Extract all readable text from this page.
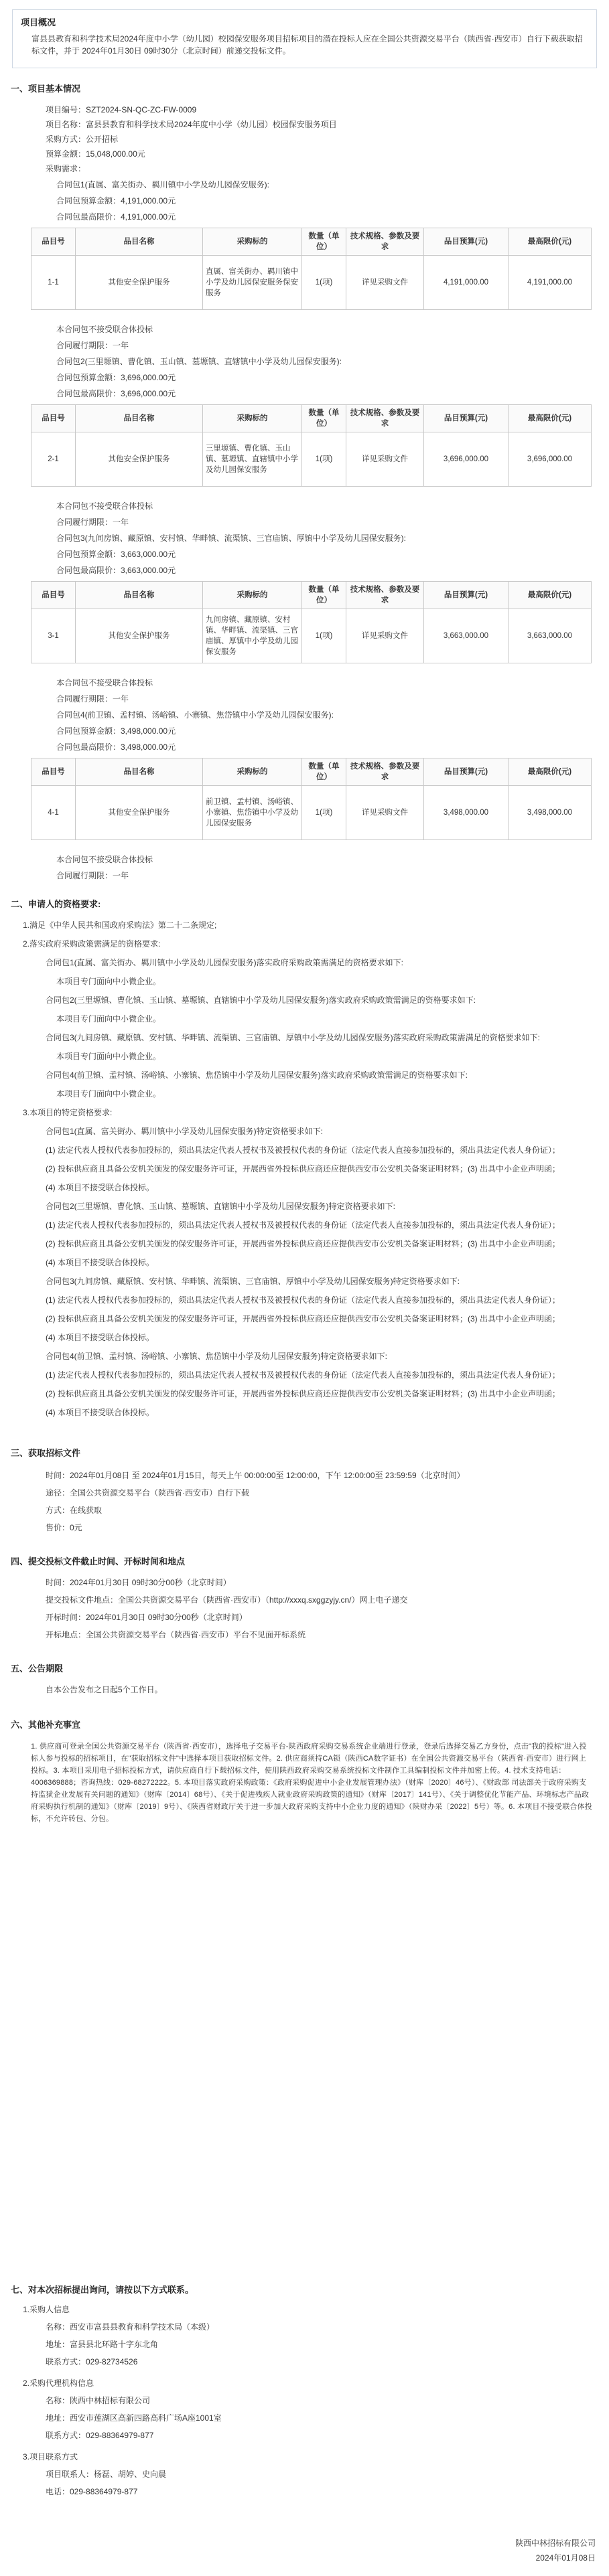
项目概况
富县县教育和科学技术局2024年度中小学（幼儿园）校园保安服务项目招标项目的潜在投标人应在全国公共资源交易平台（陕西省·西安市）自行下载获取招标文件，并于 2024年01月30日 09时30分（北京时间）前递交投标文件。
一、项目基本情况
项目编号：SZT2024-SN-QC-ZC-FW-0009
项目名称：富县县教育和科学技术局2024年度中小学（幼儿园）校园保安服务项目
采购方式：公开招标
预算金额：15,048,000.00元
采购需求：
合同包1(直属、富关街办、羁川镇中小学及幼儿园保安服务):
合同包预算金额：4,191,000.00元
合同包最高限价：4,191,000.00元
品目号	品目名称	采购标的	数量（单位）	技术规格、参数及要求	品目预算(元)	最高限价(元)
1-1	其他安全保护服务	直属、富关街办、羁川镇中小学及幼儿园保安服务保安服务	1(项)	详见采购文件	4,191,000.00	4,191,000.00
本合同包不接受联合体投标
合同履行期限：一年
合同包2(三里塬镇、曹化镇、玉山镇、墓塬镇、直辖镇中小学及幼儿园保安服务):
合同包预算金额：3,696,000.00元
合同包最高限价：3,696,000.00元
品目号	品目名称	采购标的	数量（单位）	技术规格、参数及要求	品目预算(元)	最高限价(元)
2-1	其他安全保护服务	三里塬镇、曹化镇、玉山镇、墓塬镇、直辖镇中小学及幼儿园保安服务	1(项)	详见采购文件	3,696,000.00	3,696,000.00
本合同包不接受联合体投标
合同履行期限：一年
合同包3(九间房镇、藏原镇、安村镇、华畔镇、流渠镇、三官庙镇、厚镇中小学及幼儿园保安服务):
合同包预算金额：3,663,000.00元
合同包最高限价：3,663,000.00元
品目号	品目名称	采购标的	数量（单位）	技术规格、参数及要求	品目预算(元)	最高限价(元)
3-1	其他安全保护服务	九间房镇、藏原镇、安村镇、华畔镇、流渠镇、三官庙镇、厚镇中小学及幼儿园保安服务	1(项)	详见采购文件	3,663,000.00	3,663,000.00
本合同包不接受联合体投标
合同履行期限：一年
合同包4(前卫镇、孟村镇、汤峪镇、小寨镇、焦岱镇中小学及幼儿园保安服务):
合同包预算金额：3,498,000.00元
合同包最高限价：3,498,000.00元
品目号	品目名称	采购标的	数量（单位）	技术规格、参数及要求	品目预算(元)	最高限价(元)
4-1	其他安全保护服务	前卫镇、孟村镇、汤峪镇、小寨镇、焦岱镇中小学及幼儿园保安服务	1(项)	详见采购文件	3,498,000.00	3,498,000.00
本合同包不接受联合体投标
合同履行期限：一年
二、申请人的资格要求:
1.满足《中华人民共和国政府采购法》第二十二条规定;
2.落实政府采购政策需满足的资格要求:
合同包1(直属、富关街办、羁川镇中小学及幼儿园保安服务)落实政府采购政策需满足的资格要求如下:
本项目专门面向中小微企业。
合同包2(三里塬镇、曹化镇、玉山镇、墓塬镇、直辖镇中小学及幼儿园保安服务)落实政府采购政策需满足的资格要求如下:
本项目专门面向中小微企业。
合同包3(九间房镇、藏原镇、安村镇、华畔镇、流渠镇、三官庙镇、厚镇中小学及幼儿园保安服务)落实政府采购政策需满足的资格要求如下:
本项目专门面向中小微企业。
合同包4(前卫镇、孟村镇、汤峪镇、小寨镇、焦岱镇中小学及幼儿园保安服务)落实政府采购政策需满足的资格要求如下:
本项目专门面向中小微企业。
3.本项目的特定资格要求:
合同包1(直属、富关街办、羁川镇中小学及幼儿园保安服务)特定资格要求如下:
(1) 法定代表人授权代表参加投标的，须出具法定代表人授权书及被授权代表的身份证（法定代表人直接参加投标的，须出具法定代表人身份证）；
(2) 投标供应商且具备公安机关颁发的保安服务许可证，开展西省外投标供应商还应提供西安市公安机关备案证明材料；(3) 出具中小企业声明函；
(4) 本项目不接受联合体投标。
合同包2(三里塬镇、曹化镇、玉山镇、墓塬镇、直辖镇中小学及幼儿园保安服务)特定资格要求如下:
(1) 法定代表人授权代表参加投标的，须出具法定代表人授权书及被授权代表的身份证（法定代表人直接参加投标的，须出具法定代表人身份证）；
(2) 投标供应商且具备公安机关颁发的保安服务许可证，开展西省外投标供应商还应提供西安市公安机关备案证明材料；(3) 出具中小企业声明函；
(4) 本项目不接受联合体投标。
合同包3(九间房镇、藏原镇、安村镇、华畔镇、流渠镇、三官庙镇、厚镇中小学及幼儿园保安服务)特定资格要求如下:
(1) 法定代表人授权代表参加投标的，须出具法定代表人授权书及被授权代表的身份证（法定代表人直接参加投标的，须出具法定代表人身份证）；
(2) 投标供应商且具备公安机关颁发的保安服务许可证，开展西省外投标供应商还应提供西安市公安机关备案证明材料；(3) 出具中小企业声明函；
(4) 本项目不接受联合体投标。
合同包4(前卫镇、孟村镇、汤峪镇、小寨镇、焦岱镇中小学及幼儿园保安服务)特定资格要求如下:
(1) 法定代表人授权代表参加投标的，须出具法定代表人授权书及被授权代表的身份证（法定代表人直接参加投标的，须出具法定代表人身份证）；
(2) 投标供应商且具备公安机关颁发的保安服务许可证，开展西省外投标供应商还应提供西安市公安机关备案证明材料；(3) 出具中小企业声明函；
(4) 本项目不接受联合体投标。
三、获取招标文件
时间：2024年01月08日 至 2024年01月15日，每天上午 00:00:00至 12:00:00，下午 12:00:00至 23:59:59（北京时间）
途径：全国公共资源交易平台（陕西省·西安市）自行下载
方式：在线获取
售价：0元
四、提交投标文件截止时间、开标时间和地点
时间：2024年01月30日 09时30分00秒（北京时间）
提交投标文件地点：全国公共资源交易平台（陕西省·西安市）（http://xxxq.sxggzyjy.cn/）网上电子递交
开标时间：2024年01月30日 09时30分00秒（北京时间）
开标地点：全国公共资源交易平台（陕西省·西安市）平台不见面开标系统
五、公告期限
自本公告发布之日起5个工作日。
六、其他补充事宜
1. 供应商可登录全国公共资源交易平台（陕西省·西安市），选择电子交易平台-陕西政府采购交易系统企业端进行登录，登录后选择交易乙方身份，点击"我的投标"进入投标人参与投标的招标项目，在"获取招标文件"中选择本项目获取招标文件。2. 供应商须持CA锁（陕西CA数字证书）在全国公共资源交易平台（陕西省·西安市）进行网上投标。3. 本项目采用电子招标投标方式，请供应商自行下载招标文件，使用陕西政府采购交易系统投标文件制作工具编制投标文件并加密上传。4. 技术支持电话：4006369888；咨询热线：029-68272222。5. 本项目落实政府采购政策：《政府采购促进中小企业发展管理办法》（财库〔2020〕46号）、《财政部 司法部关于政府采购支持监狱企业发展有关问题的通知》（财库〔2014〕68号）、《关于促进残疾人就业政府采购政策的通知》（财库〔2017〕141号）、《关于调整优化节能产品、环境标志产品政府采购执行机制的通知》（财库〔2019〕9号）、《陕西省财政厅关于进一步加大政府采购支持中小企业力度的通知》（陕财办采〔2022〕5号）等。6. 本项目不接受联合体投标，不允许转包、分包。
七、对本次招标提出询问，请按以下方式联系。
1.采购人信息
名称：西安市富县县教育和科学技术局（本级）
地址：富县县北环路十字东北角
联系方式：029-82734526
2.采购代理机构信息
名称：陕西中林招标有限公司
地址：西安市莲湖区高新四路高科广场A座1001室
联系方式：029-88364979-877
3.项目联系方式
项目联系人：杨磊、胡婷、史向晨
电话：029-88364979-877
陕西中林招标有限公司
2024年01月08日
